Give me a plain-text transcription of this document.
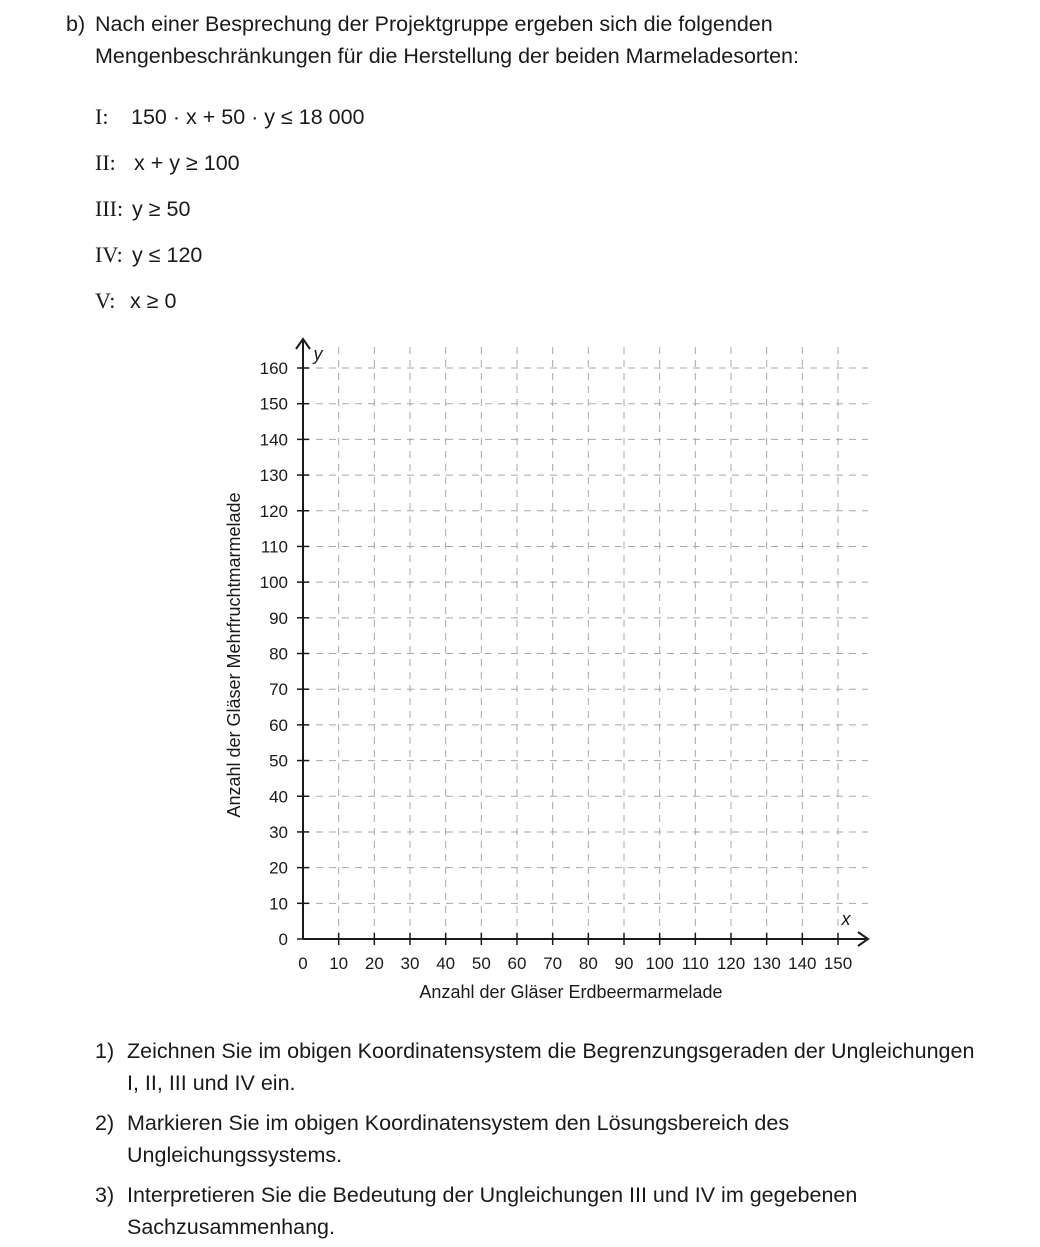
b) Nach einer Besprechung der Projektgruppe ergeben sich die folgenden Mengenbeschränkungen für die Herstellung der beiden Marmeladesorten:
I: 150 · x + 50 · y ≤ 18 000
II: x + y ≥ 100
III: y ≥ 50
IV: y ≤ 120
V: x ≥ 0
0 10 20 30 40 50 60 70 80 90 100 110 120 130 140 150
0
10
20
30
40
50
60
70
80
90
100
110
120
130
140
150
160
Anzahl der Gläser Mehrfruchtmarmelade
Anzahl der Gläser Erdbeermarmelade
x
y
1) Zeichnen Sie im obigen Koordinatensystem die Begrenzungsgeraden der Ungleichungen I, II, III und IV ein.
2) Markieren Sie im obigen Koordinatensystem den Lösungsbereich des Ungleichungssystems.
3) Interpretieren Sie die Bedeutung der Ungleichungen III und IV im gegebenen Sachzusammenhang.
